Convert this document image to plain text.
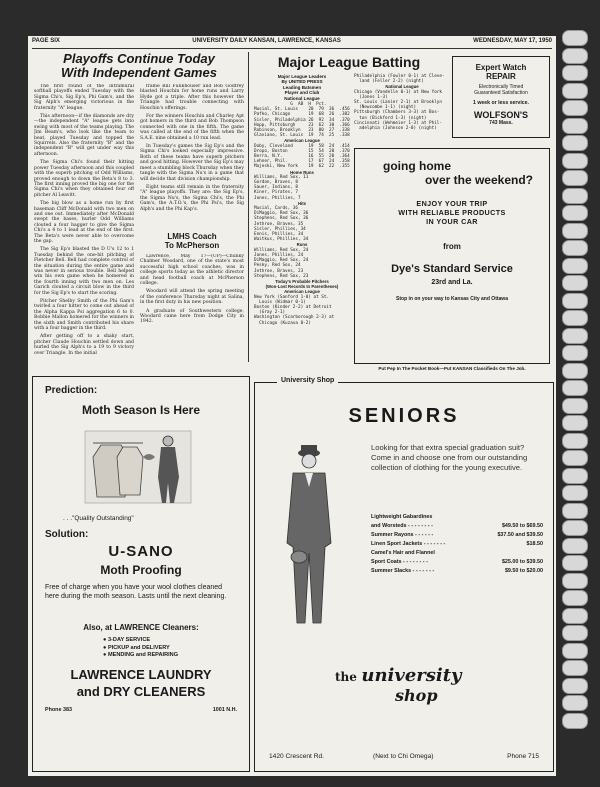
PAGE SIX	UNIVERSITY DAILY KANSAN, LAWRENCE, KANSAS	WEDNESDAY, MAY 17, 1950
Playoffs Continue Today
With Independent Games

The first round of the intramural softball playoffs ended Tuesday with the Sigma Chi's, Sig Ep's, Phi Gam's, and the Sig Alph's emerging victorious in the fraternity "A" league.

This afternoon—if the diamonds are dry—the independent "A" league gets into swing with most of the teams playing. The Jim Beam's, who look like the team to beat, played Tuesday and topped the Squirrels. Also the fraternity "B" and the independent "B" will get under way this afternoon.

The Sigma Chi's found their hitting power Tuesday afternoon and this coupled with the superb pitching of Odd Williams, proved enough to down the Beta's 8 to 3. The first inning proved the big one for the Sigma Chi's when they obtained four off pitcher Al Leavitt.

The big blow as a home run by first baseman Cliff McDonald with two men on and one out. Immediately after McDonald swept the bases, hurler Odd Williams clouted a four bagger to give the Sigma Chi's a 4 to 1 lead at the end of the first. The Beta's were never able to overcome the gap.

The Sig Ep's blasted the D U's 12 to 1 Tuesday behind the one-hit pitching of Fletcher Bell. Bell had complete control of the situation during the entire game and was never in serious trouble. Bell helped win his own game when he homered in the fourth inning with two men on. Les Garich clouted a circuit blow in the third for the Sig Ep's to start the scoring.

Pitcher Shelby Smith of the Phi Gam's twirled a four hitter to come out ahead of the Alpha Kappa Psi aggregation 6 to 0. Bobbie Mallon homered for the winners in the sixth and Smith contributed his share with a four bagger in the third.

After getting off to a shaky start, pitcher Claude Houchin settled down and hurled the Sig Alph's to a 19 to 9 victory over Triangle. In the initial

frame Bill Funkhouser and Bob Godfrey blasted Houchin for home runs and Larry Hyde got a triple. After this however the Triangle had trouble connecting with Houchin's offerings.

For the winners Houchin and Charley Apt got homers in the third and Bob Thompson connected with one in the fifth. The game was called at the end of the fifth when the S.A.E. nine obtained a 10 run lead.

In Tuesday's games the Sig Ep's and the Sigma Chi's looked especially impressive. Both of these teams have superb pitchers and good hitting. However the Sig Ep's may meet a stumbling block Thursday when they tangle with the Sigma Nu's in a game that will decide that division championship.

Eight teams still remain in the fraternity "A" league playoffs. They are: the Sig Ep's, the Sigma Nu's, the Sigma Chi's, the Phi Gam's, the A.T.O.'s, the Phi Psi's, the Sig Alph's and the Phi Kap's.

LMHS Coach
To McPherson

Lawrence, May 17—(UP)—Chunky Chalmer Woodard, one of the state's most successful high school coaches, was in college sports today as the athletic director and head football coach at McPherson college.

Woodard will attend the spring meeting of the conference Thursday night at Salina, in the first duty in his new position.

A graduate of Southwestern college, Woodard came here from Dodge City in 1942.

Major League Batting
Major League Leaders
By UNITED PRESS
Leading Batsmen
Player and Club
National League
G  AB  H  Pct.
Musial, St. Louis    20  79  36  .456
Pafko, Chicago       19  68  26  .382
Sisler, Philadelphia 26  92  34  .370
Hopp, Pittsburgh     23  62  30  .366
Robinson, Brooklyn   23  80  27  .338
Glaviano, St. Louis  19  74  25  .338
American League
Doby, Cleveland      19  58  24  .414
Dropo, Boston        15  54  20  .370
Berra, N.Y.          16  55  20  .364
Lehner, Phil.        17  67  24  .358
Majeski, New York    19  62  22  .355
Home Runs
Williams, Red Sox, 11
Gordon, Braves, 8
Sauer, Indians, 8
Kiner, Pirates, 7
Jones, Phillies, 7
Hits
Musial, Cards, 36
DiMaggio, Red Sox, 36
Stephens, Red Sox, 36
Jethroe, Braves, 35
Sisler, Phillies, 34
Ennis, Phillies, 34
Waitkus, Phillies, 34
Runs
Williams, Red Sox, 24
Jones, Phillies, 24
DiMaggio, Red Sox, 24
Pesky, Red Sox, 24
Jethroe, Braves, 23
Stephens, Red Sox, 23
Today's Probable Pitchers
(Won-Lost Records In Parentheses)
American League
New York (Sanford 1-0) at St.
Louis (Widmar 0-1)
Boston (Kinder 2-2) at Detroit
(Gray 2-1)
Washington (Scarborough 2-3) at
Chicago (Kuzava 0-2)
Philadelphia (Fowler 0-1) at Cleve-
land (Feller 2-2) (night)
National League
Chicago (Vandelle 0-1) at New York
(Jones 1-3)
St. Louis (Lanier 2-1) at Brooklyn
(Newcombe 1-1) (night)
Pittsburgh (Chambers 3-3) at Bos-
ton (Bickford 1-3) (night)
Cincinnati (Wehmeier 1-3) at Phil-
adelphia (Johnson 2-0) (night)
Expert Watch
REPAIR
Electronically Timed
Guaranteed Satisfaction
1 week or less service.
WOLFSON'S
743 Mass.
going home
over the weekend?
ENJOY YOUR TRIP
WITH RELIABLE PRODUCTS
IN YOUR CAR
from
Dye's Standard Service
23rd and La.
Stop in on your way to Kansas City and Ottawa
Put Pep In The Pocket Book—Put KANSAN Classifieds On The Job.
Prediction:
Moth Season Is Here
. . ."Quality Outstanding"
Solution:
U-SANO
Moth Proofing
Free of charge when you have your wool clothes cleaned here during the moth season. Lasts until the next cleaning.
Also, at LAWRENCE Cleaners:
● 3-DAY SERVICE
● PICKUP and DELIVERY
● MENDING and REPAIRING
LAWRENCE LAUNDRY
and DRY CLEANERS
Phone 383	1001 N.H.
University Shop
SENIORS
Looking for that extra special graduation suit? Come in and choose one from our outstanding collection of clothing for the young executive.
Lightweight Gabardines
and Worsteds - - - - - - - -	$49.50 to $69.50
Summer Rayons - - - - - -	$37.50 and $39.50
Linen Sport Jackets - - - - - - -	$18.50
Camel's Hair and Flannel
Sport Coats - - - - - - - -	$25.00 to $39.50
Summer Slacks - - - - - - -	$9.50 to $20.00
the university
shop
1420 Crescent Rd.	(Next to Chi Omega)	Phone 715
